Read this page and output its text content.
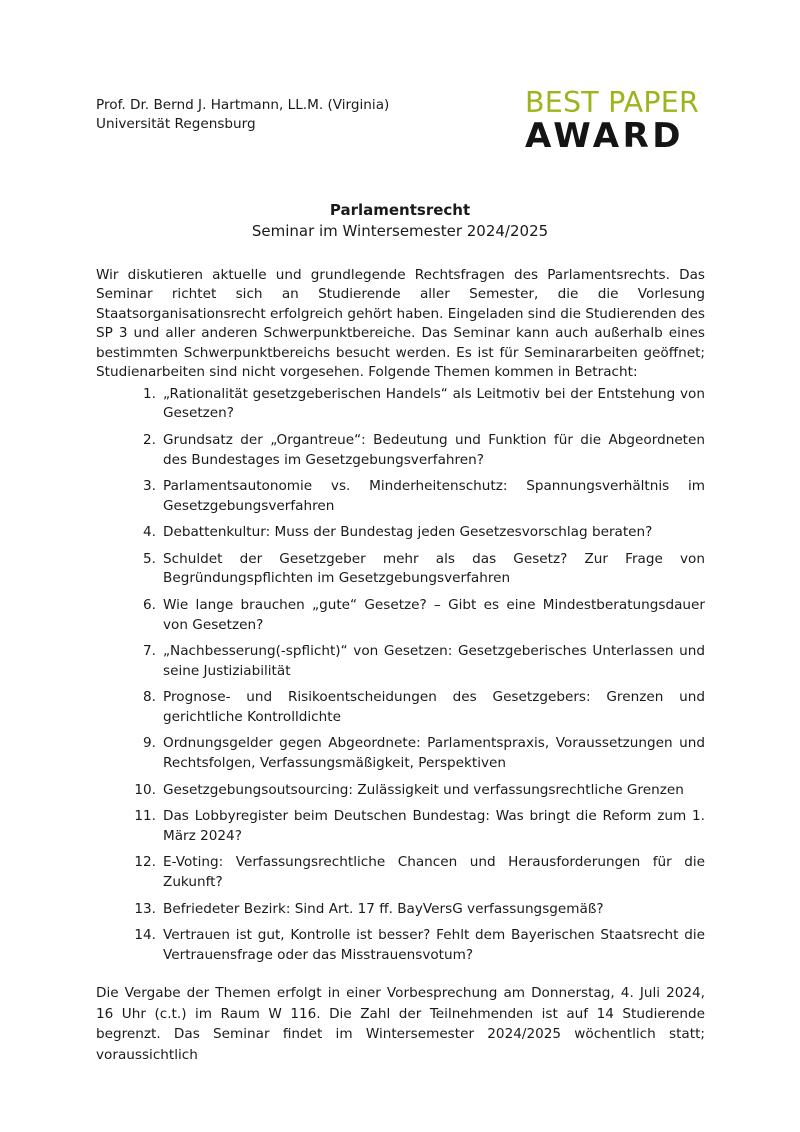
Prof. Dr. Bernd J. Hartmann, LL.M. (Virginia)
Universität Regensburg
BEST PAPER
AWARD
Parlamentsrecht
Seminar im Wintersemester 2024/2025

Wir diskutieren aktuelle und grundlegende Rechtsfragen des Parlamentsrechts. Das Seminar richtet sich an Studierende aller Semester, die die Vorlesung Staatsorganisationsrecht erfolgreich gehört haben. Eingeladen sind die Studierenden des SP 3 und aller anderen Schwerpunktbereiche. Das Seminar kann auch außerhalb eines bestimmten Schwerpunktbereichs besucht werden. Es ist für Seminararbeiten geöffnet; Studienarbeiten sind nicht vorgesehen. Folgende Themen kommen in Betracht:

1. „Rationalität gesetzgeberischen Handels“ als Leitmotiv bei der Entstehung von Gesetzen?
2. Grundsatz der „Organtreue“: Bedeutung und Funktion für die Abgeordneten des Bundestages im Gesetzgebungsverfahren?
3. Parlamentsautonomie vs. Minderheitenschutz: Spannungsverhältnis im Gesetzgebungsverfahren
4. Debattenkultur: Muss der Bundestag jeden Gesetzesvorschlag beraten?
5. Schuldet der Gesetzgeber mehr als das Gesetz? Zur Frage von Begründungspflichten im Gesetzgebungsverfahren
6. Wie lange brauchen „gute“ Gesetze? – Gibt es eine Mindestberatungsdauer von Gesetzen?
7. „Nachbesserung(-spflicht)“ von Gesetzen: Gesetzgeberisches Unterlassen und seine Justiziabilität
8. Prognose- und Risikoentscheidungen des Gesetzgebers: Grenzen und gerichtliche Kontrolldichte
9. Ordnungsgelder gegen Abgeordnete: Parlamentspraxis, Voraussetzungen und Rechtsfolgen, Verfassungsmäßigkeit, Perspektiven
10. Gesetzgebungsoutsourcing: Zulässigkeit und verfassungsrechtliche Grenzen
11. Das Lobbyregister beim Deutschen Bundestag: Was bringt die Reform zum 1. März 2024?
12. E-Voting: Verfassungsrechtliche Chancen und Herausforderungen für die Zukunft?
13. Befriedeter Bezirk: Sind Art. 17 ff. BayVersG verfassungsgemäß?
14. Vertrauen ist gut, Kontrolle ist besser? Fehlt dem Bayerischen Staatsrecht die Vertrauensfrage oder das Misstrauensvotum?

Die Vergabe der Themen erfolgt in einer Vorbesprechung am Donnerstag, 4. Juli 2024, 16 Uhr (c.t.) im Raum W 116. Die Zahl der Teilnehmenden ist auf 14 Studierende begrenzt. Das Seminar findet im Wintersemester 2024/2025 wöchentlich statt; voraussichtlich
